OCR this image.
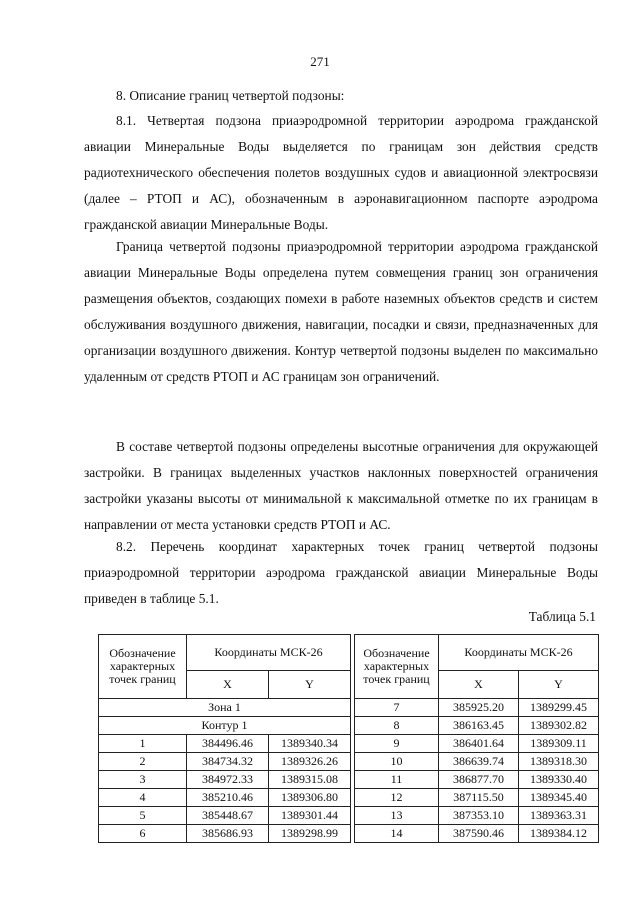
271
8. Описание границ четвертой подзоны:
8.1. Четвертая подзона приаэродромной территории аэродрома гражданской авиации Минеральные Воды выделяется по границам зон действия средств радиотехнического обеспечения полетов воздушных судов и авиационной электросвязи (далее – РТОП и АС), обозначенным в аэронавигационном паспорте аэродрома гражданской авиации Минеральные Воды.
Граница четвертой подзоны приаэродромной территории аэродрома гражданской авиации Минеральные Воды определена путем совмещения границ зон ограничения размещения объектов, создающих помехи в работе наземных объектов средств и систем обслуживания воздушного движения, навигации, посадки и связи, предназначенных для организации воздушного движения. Контур четвертой подзоны выделен по максимально удаленным от средств РТОП и АС границам зон ограничений.
В составе четвертой подзоны определены высотные ограничения для окружающей застройки. В границах выделенных участков наклонных поверхностей ограничения застройки указаны высоты от минимальной к максимальной отметке по их границам в направлении от места установки средств РТОП и АС.
8.2. Перечень координат характерных точек границ четвертой подзоны приаэродромной территории аэродрома гражданской авиации Минеральные Воды приведен в таблице 5.1.
Таблица 5.1
Обозначение характерных точек границ	Координаты МСК-26	
	X	Y
Зона 1		
Контур 1		
1	384496.46	1389340.34
2	384734.32	1389326.26
3	384972.33	1389315.08
4	385210.46	1389306.80
5	385448.67	1389301.44
6	385686.93	1389298.99
Обозначение характерных точек границ	Координаты МСК-26	
	X	Y
7	385925.20	1389299.45
8	386163.45	1389302.82
9	386401.64	1389309.11
10	386639.74	1389318.30
11	386877.70	1389330.40
12	387115.50	1389345.40
13	387353.10	1389363.31
14	387590.46	1389384.12
